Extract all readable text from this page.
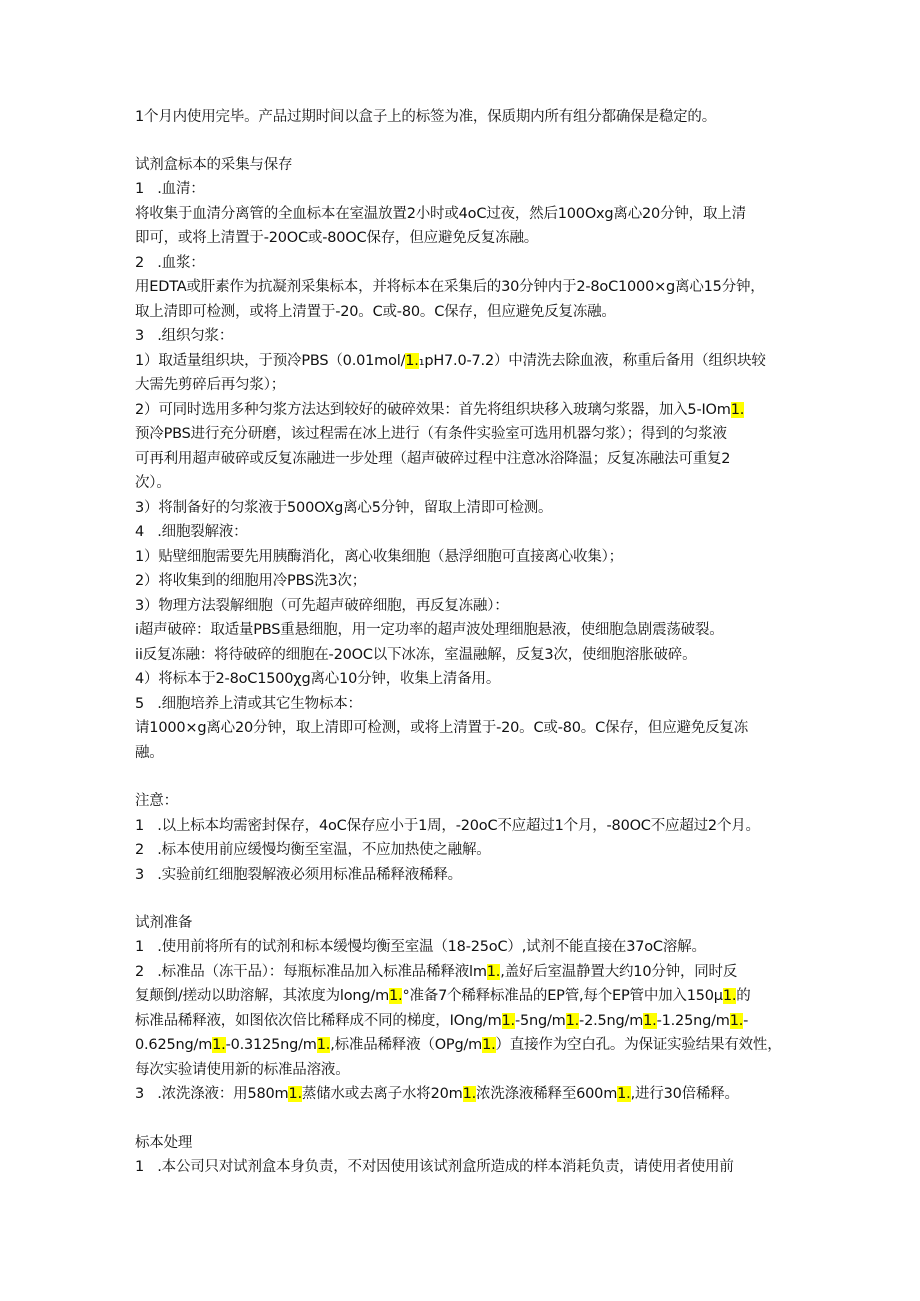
1个月内使用完毕。产品过期时间以盒子上的标签为准，保质期内所有组分都确保是稳定的。
试剂盒标本的采集与保存
1   .血清：
将收集于血清分离管的全血标本在室温放置2小时或4oC过夜，然后100Oxg离心20分钟，取上清
即可，或将上清置于-20OC或-80OC保存，但应避免反复冻融。
2   .血浆：
用EDTA或肝素作为抗凝剂采集标本，并将标本在采集后的30分钟内于2-8oC1000×g离心15分钟，
取上清即可检测，或将上清置于-20。C或-80。C保存，但应避免反复冻融。
3   .组织匀浆：
1）取适量组织块，于预冷PBS（0.01mol/1.₁pH7.0-7.2）中清洗去除血液，称重后备用（组织块较
大需先剪碎后再匀浆）；
2）可同时选用多种匀浆方法达到较好的破碎效果：首先将组织块移入玻璃匀浆器，加入5-IOm1.
预冷PBS进行充分研磨，该过程需在冰上进行（有条件实验室可选用机器匀浆）；得到的匀浆液
可再利用超声破碎或反复冻融进一步处理（超声破碎过程中注意冰浴降温；反复冻融法可重复2
次）。
3）将制备好的匀浆液于500OXg离心5分钟，留取上清即可检测。
4   .细胞裂解液：
1）贴壁细胞需要先用胰酶消化，离心收集细胞（悬浮细胞可直接离心收集）；
2）将收集到的细胞用冷PBS洗3次；
3）物理方法裂解细胞（可先超声破碎细胞，再反复冻融）：
i超声破碎：取适量PBS重悬细胞，用一定功率的超声波处理细胞悬液，使细胞急剧震荡破裂。
ii反复冻融：将待破碎的细胞在-20OC以下冰冻，室温融解，反复3次，使细胞溶胀破碎。
4）将标本于2-8oC1500χg离心10分钟，收集上清备用。
5   .细胞培养上清或其它生物标本：
请1000×g离心20分钟，取上清即可检测，或将上清置于-20。C或-80。C保存，但应避免反复冻
融。
注意：
1   .以上标本均需密封保存，4oC保存应小于1周，-20oC不应超过1个月，-80OC不应超过2个月。
2   .标本使用前应缓慢均衡至室温，不应加热使之融解。
3   .实验前红细胞裂解液必须用标准品稀释液稀释。
试剂准备
1   .使用前将所有的试剂和标本缓慢均衡至室温（18-25oC）,试剂不能直接在37oC溶解。
2   .标准品（冻干品）：每瓶标准品加入标准品稀释液lm1.,盖好后室温静置大约10分钟，同时反
复颠倒/搓动以助溶解，其浓度为long/m1.°准备7个稀释标准品的EP管,每个EP管中加入150μ1.的
标准品稀释液，如图依次倍比稀释成不同的梯度，IOng/m1.-5ng/m1.-2.5ng/m1.-1.25ng/m1.-
0.625ng/m1.-0.3125ng/m1.,标准品稀释液（OPg/m1.）直接作为空白孔。为保证实验结果有效性，
每次实验请使用新的标准品溶液。
3   .浓洗涤液：用580m1.蒸储水或去离子水将20m1.浓洗涤液稀释至600m1.,进行30倍稀释。
标本处理
1   .本公司只对试剂盒本身负责，不对因使用该试剂盒所造成的样本消耗负责，请使用者使用前
